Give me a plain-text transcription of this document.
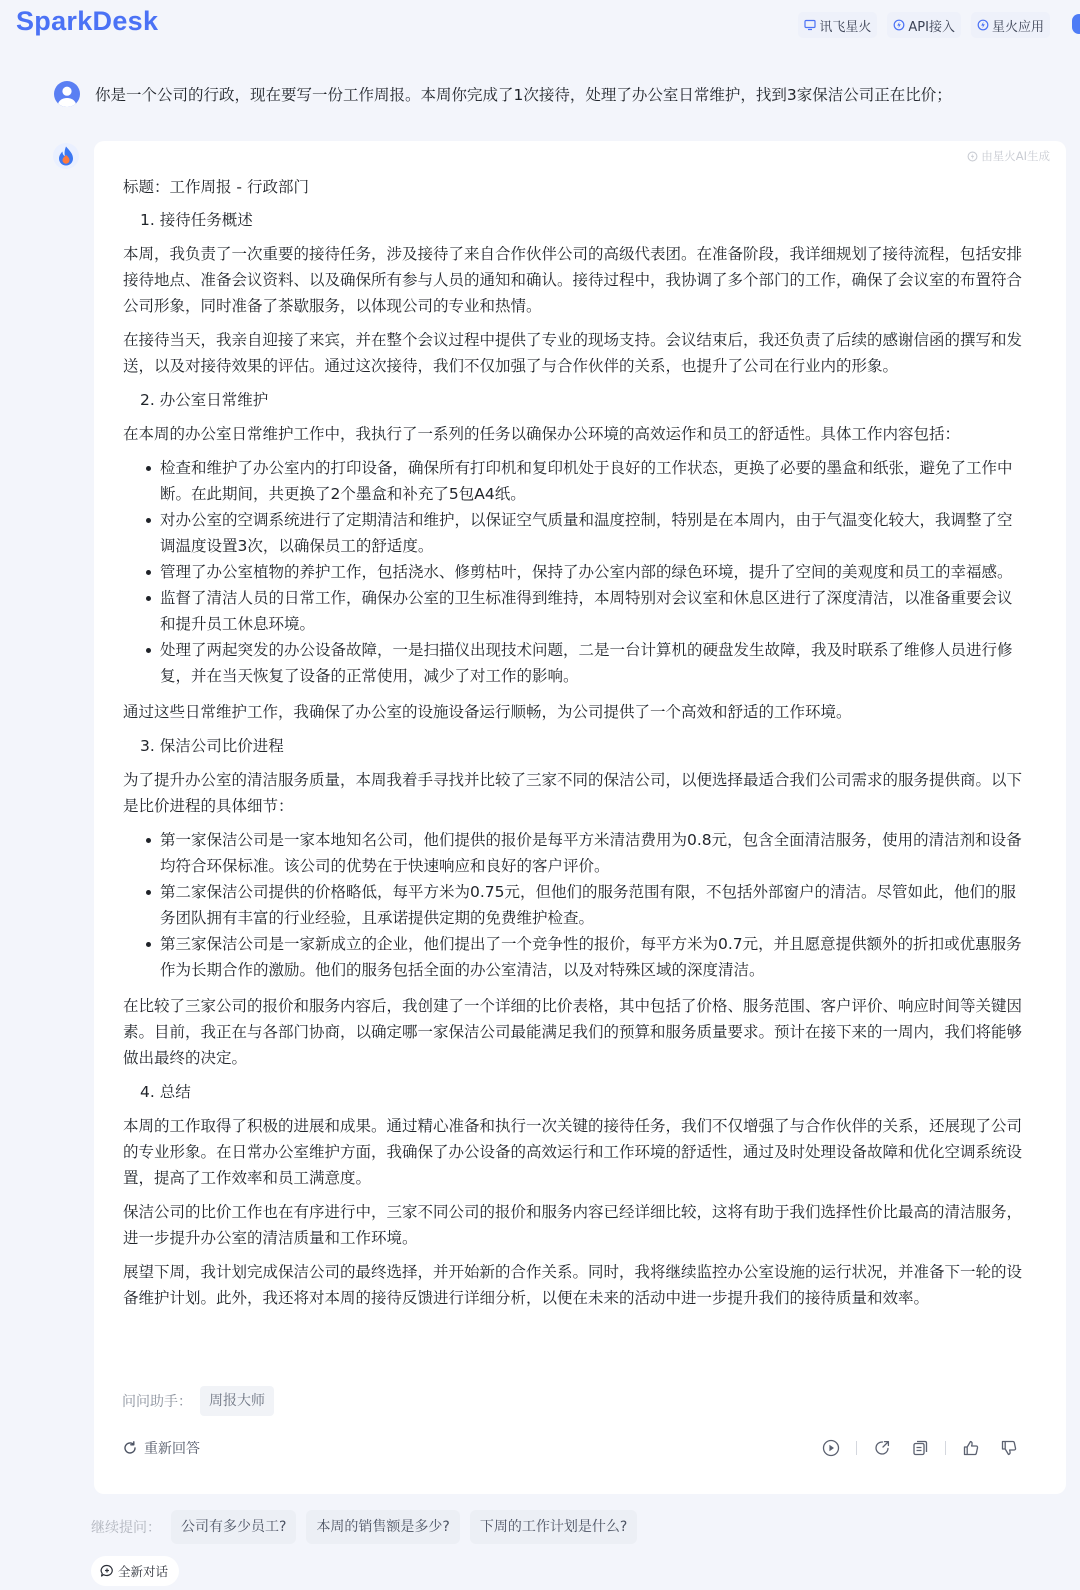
SparkDesk	讯飞星火	API接入	星火应用
你是一个公司的行政，现在要写一份工作周报。本周你完成了1次接待，处理了办公室日常维护，找到3家保洁公司正在比价；
由星火AI生成
标题：工作周报 - 行政部门
1. 接待任务概述

本周，我负责了一次重要的接待任务，涉及接待了来自合作伙伴公司的高级代表团。在准备阶段，我详细规划了接待流程，包括安排接待地点、准备会议资料、以及确保所有参与人员的通知和确认。接待过程中，我协调了多个部门的工作，确保了会议室的布置符合公司形象，同时准备了茶歇服务，以体现公司的专业和热情。

在接待当天，我亲自迎接了来宾，并在整个会议过程中提供了专业的现场支持。会议结束后，我还负责了后续的感谢信函的撰写和发送，以及对接待效果的评估。通过这次接待，我们不仅加强了与合作伙伴的关系，也提升了公司在行业内的形象。

2. 办公室日常维护

在本周的办公室日常维护工作中，我执行了一系列的任务以确保办公环境的高效运作和员工的舒适性。具体工作内容包括：

检查和维护了办公室内的打印设备，确保所有打印机和复印机处于良好的工作状态，更换了必要的墨盒和纸张，避免了工作中断。在此期间，共更换了2个墨盒和补充了5包A4纸。
对办公室的空调系统进行了定期清洁和维护，以保证空气质量和温度控制，特别是在本周内，由于气温变化较大，我调整了空调温度设置3次，以确保员工的舒适度。
管理了办公室植物的养护工作，包括浇水、修剪枯叶，保持了办公室内部的绿色环境，提升了空间的美观度和员工的幸福感。
监督了清洁人员的日常工作，确保办公室的卫生标准得到维持，本周特别对会议室和休息区进行了深度清洁，以准备重要会议和提升员工休息环境。
处理了两起突发的办公设备故障，一是扫描仪出现技术问题，二是一台计算机的硬盘发生故障，我及时联系了维修人员进行修复，并在当天恢复了设备的正常使用，减少了对工作的影响。

通过这些日常维护工作，我确保了办公室的设施设备运行顺畅，为公司提供了一个高效和舒适的工作环境。

3. 保洁公司比价进程

为了提升办公室的清洁服务质量，本周我着手寻找并比较了三家不同的保洁公司，以便选择最适合我们公司需求的服务提供商。以下是比价进程的具体细节：

第一家保洁公司是一家本地知名公司，他们提供的报价是每平方米清洁费用为0.8元，包含全面清洁服务，使用的清洁剂和设备均符合环保标准。该公司的优势在于快速响应和良好的客户评价。
第二家保洁公司提供的价格略低，每平方米为0.75元，但他们的服务范围有限，不包括外部窗户的清洁。尽管如此，他们的服务团队拥有丰富的行业经验，且承诺提供定期的免费维护检查。
第三家保洁公司是一家新成立的企业，他们提出了一个竞争性的报价，每平方米为0.7元，并且愿意提供额外的折扣或优惠服务作为长期合作的激励。他们的服务包括全面的办公室清洁，以及对特殊区域的深度清洁。

在比较了三家公司的报价和服务内容后，我创建了一个详细的比价表格，其中包括了价格、服务范围、客户评价、响应时间等关键因素。目前，我正在与各部门协商，以确定哪一家保洁公司最能满足我们的预算和服务质量要求。预计在接下来的一周内，我们将能够做出最终的决定。

4. 总结

本周的工作取得了积极的进展和成果。通过精心准备和执行一次关键的接待任务，我们不仅增强了与合作伙伴的关系，还展现了公司的专业形象。在日常办公室维护方面，我确保了办公设备的高效运行和工作环境的舒适性，通过及时处理设备故障和优化空调系统设置，提高了工作效率和员工满意度。

保洁公司的比价工作也在有序进行中，三家不同公司的报价和服务内容已经详细比较，这将有助于我们选择性价比最高的清洁服务，进一步提升办公室的清洁质量和工作环境。

展望下周，我计划完成保洁公司的最终选择，并开始新的合作关系。同时，我将继续监控办公室设施的运行状况，并准备下一轮的设备维护计划。此外，我还将对本周的接待反馈进行详细分析，以便在未来的活动中进一步提升我们的接待质量和效率。

问问助手：	周报大师
重新回答
继续提问：	公司有多少员工?	本周的销售额是多少?	下周的工作计划是什么?
全新对话
